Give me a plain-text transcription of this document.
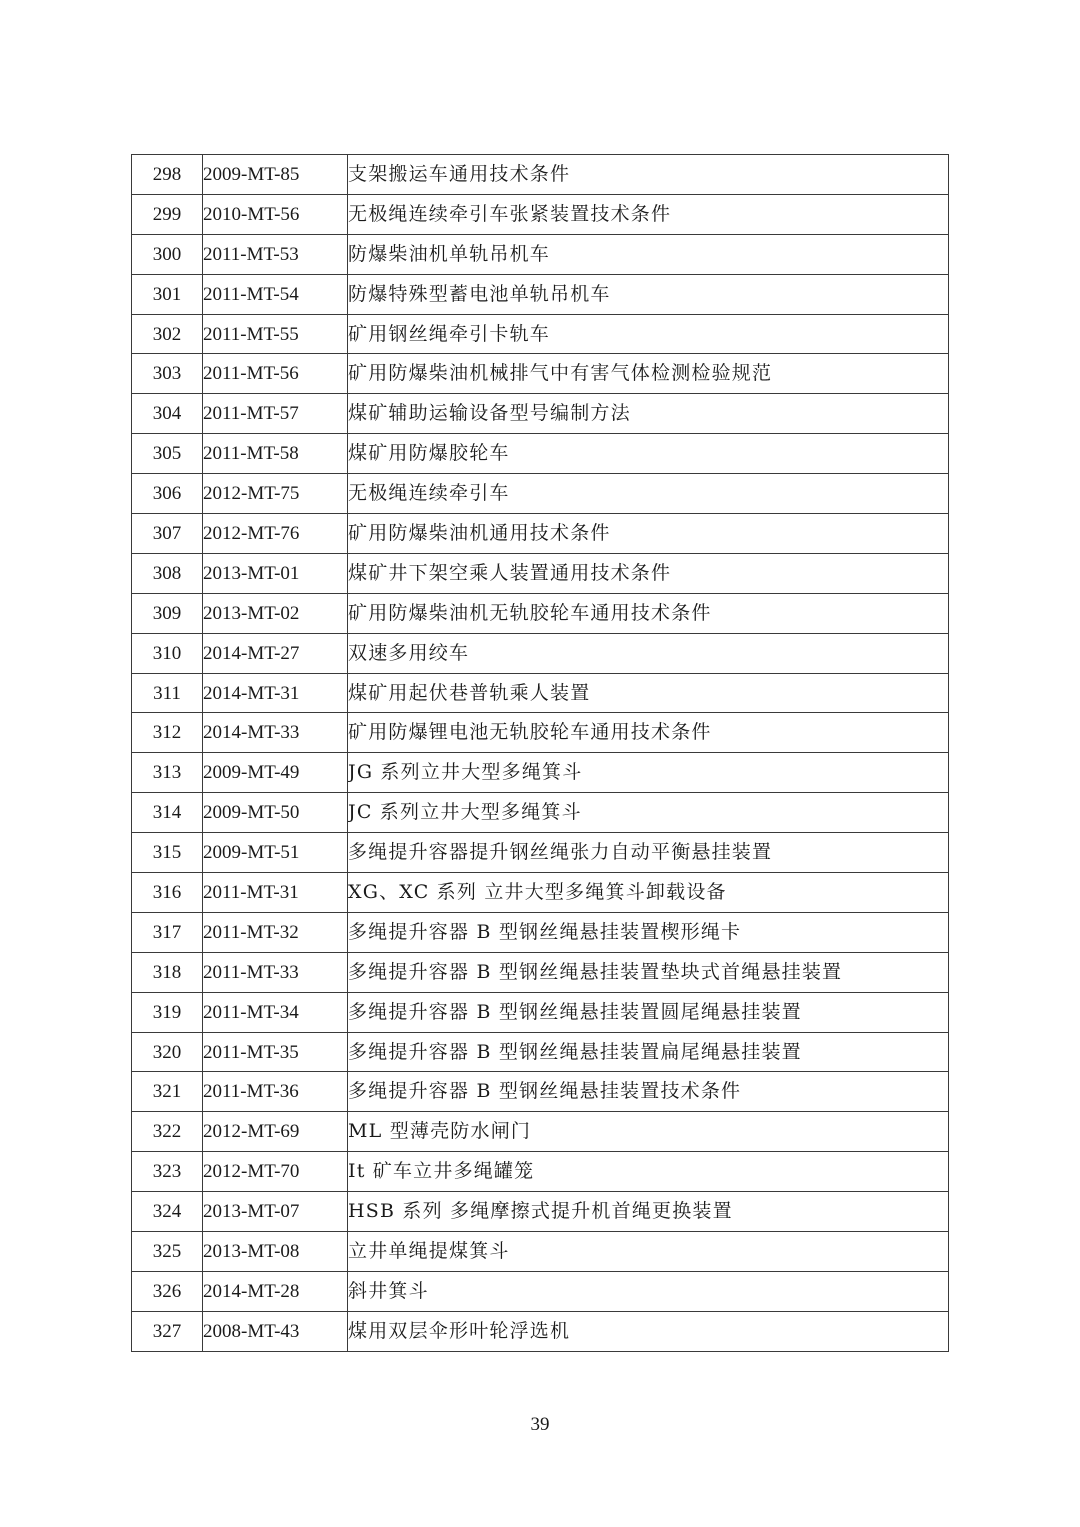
298	2009-MT-85	支架搬运车通用技术条件
299	2010-MT-56	无极绳连续牵引车张紧装置技术条件
300	2011-MT-53	防爆柴油机单轨吊机车
301	2011-MT-54	防爆特殊型蓄电池单轨吊机车
302	2011-MT-55	矿用钢丝绳牵引卡轨车
303	2011-MT-56	矿用防爆柴油机械排气中有害气体检测检验规范
304	2011-MT-57	煤矿辅助运输设备型号编制方法
305	2011-MT-58	煤矿用防爆胶轮车
306	2012-MT-75	无极绳连续牵引车
307	2012-MT-76	矿用防爆柴油机通用技术条件
308	2013-MT-01	煤矿井下架空乘人装置通用技术条件
309	2013-MT-02	矿用防爆柴油机无轨胶轮车通用技术条件
310	2014-MT-27	双速多用绞车
311	2014-MT-31	煤矿用起伏巷普轨乘人装置
312	2014-MT-33	矿用防爆锂电池无轨胶轮车通用技术条件
313	2009-MT-49	JG 系列立井大型多绳箕斗
314	2009-MT-50	JC 系列立井大型多绳箕斗
315	2009-MT-51	多绳提升容器提升钢丝绳张力自动平衡悬挂装置
316	2011-MT-31	XG、XC 系列 立井大型多绳箕斗卸载设备
317	2011-MT-32	多绳提升容器 B 型钢丝绳悬挂装置楔形绳卡
318	2011-MT-33	多绳提升容器 B 型钢丝绳悬挂装置垫块式首绳悬挂装置
319	2011-MT-34	多绳提升容器 B 型钢丝绳悬挂装置圆尾绳悬挂装置
320	2011-MT-35	多绳提升容器 B 型钢丝绳悬挂装置扁尾绳悬挂装置
321	2011-MT-36	多绳提升容器 B 型钢丝绳悬挂装置技术条件
322	2012-MT-69	ML 型薄壳防水闸门
323	2012-MT-70	It 矿车立井多绳罐笼
324	2013-MT-07	HSB 系列 多绳摩擦式提升机首绳更换装置
325	2013-MT-08	立井单绳提煤箕斗
326	2014-MT-28	斜井箕斗
327	2008-MT-43	煤用双层伞形叶轮浮选机
39
